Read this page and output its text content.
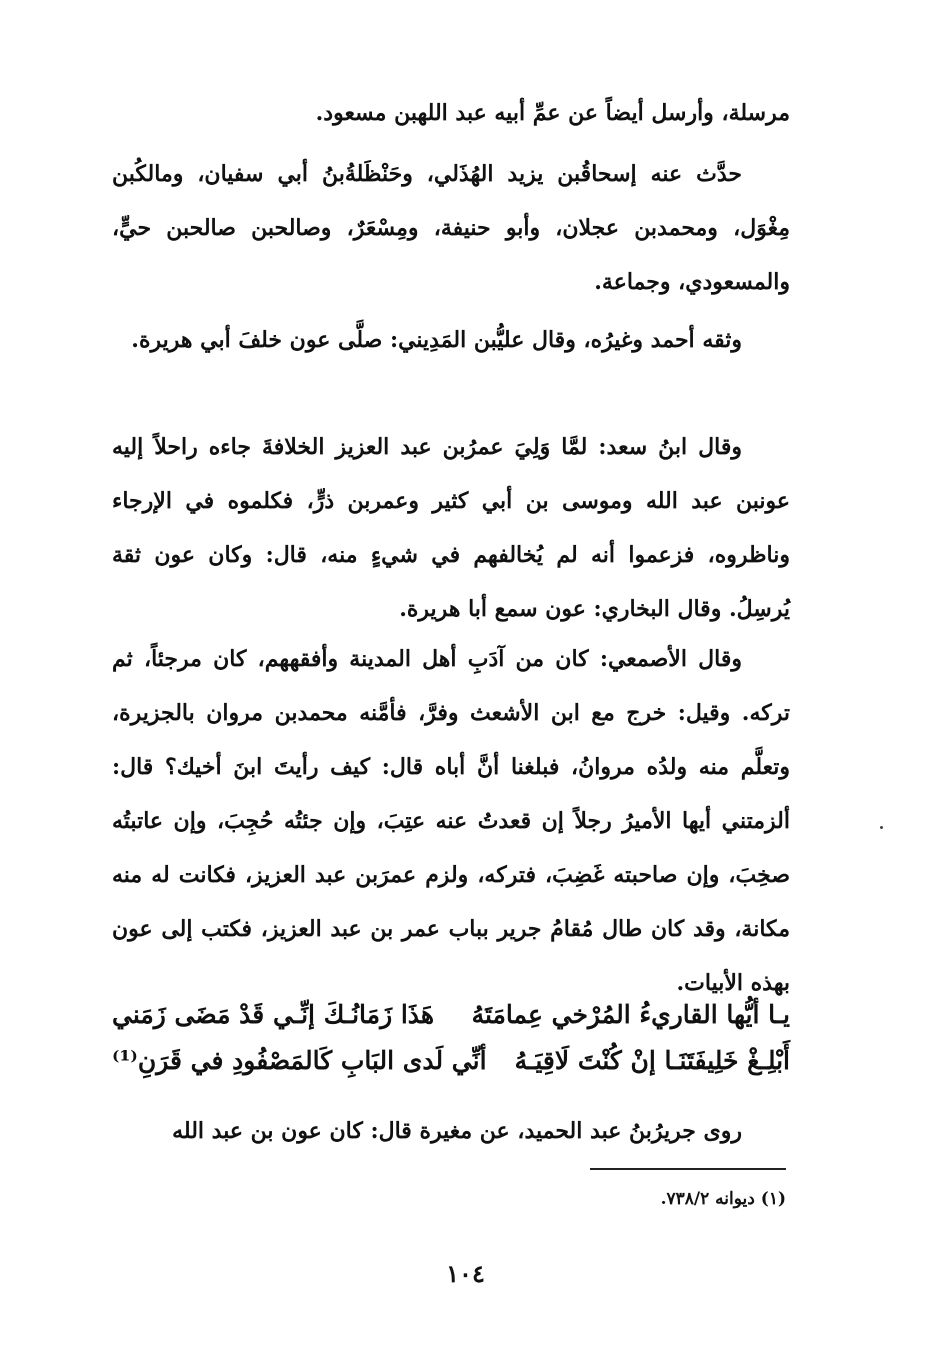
مرسلة، وأرسل أيضاً عن عمِّ أبيه عبد اللهبن مسعود.

حدَّث عنه إسحاقُبن يزيد الهُذَلي، وحَنْظَلةُبنُ أبي سفيان، ومالكُبن مِغْوَل، ومحمدبن عجلان، وأبو حنيفة، ومِسْعَرٌ، وصالحبن صالحبن حيٍّ، والمسعودي، وجماعة.

وثقه أحمد وغيرُه، وقال عليُّبن المَدِيني: صلَّى عون خلفَ أبي هريرة.

وقال ابنُ سعد: لمَّا وَلِيَ عمرُبن عبد العزيز الخلافةَ جاءه راحلاً إليه عونبن عبد الله وموسى بن أبي كثير وعمربن ذرٍّ، فكلموه في الإرجاء وناظروه، فزعموا أنه لم يُخالفهم في شيءٍ منه، قال: وكان عون ثقة يُرسِلُ. وقال البخاري: عون سمع أبا هريرة.

وقال الأصمعي: كان من آدَبِ أهل المدينة وأفقههم، كان مرجئاً، ثم تركه. وقيل: خرج مع ابن الأشعث وفرَّ، فأمَّنه محمدبن مروان بالجزيرة، وتعلَّم منه ولدُه مروانُ، فبلغنا أنَّ أباه قال: كيف رأيتَ ابنَ أخيك؟ قال: ألزمتني أيها الأميرُ رجلاً إن قعدتُ عنه عتِبَ، وإن جئتُه حُجِبَ، وإن عاتبتُه صخِبَ، وإن صاحبته غَضِبَ، فتركه، ولزم عمرَبن عبد العزيز، فكانت له منه مكانة، وقد كان طال مُقامُ جرير بباب عمر بن عبد العزيز، فكتب إلى عون بهذه الأبيات.

يـا أيُّها القاريءُ المُرْخي عِمامَتَهُ
هَذَا زَمَانُـكَ إنِّـي قَدْ مَضَى زَمَني
أَبْلِـغْ خَلِيفَتَنَـا إنْ كُنْتَ لَاقِيَـهُ
أنِّي لَدى البَابِ كَالمَصْفُودِ في قَرَنِ⁽¹⁾

روى جريرُبنُ عبد الحميد، عن مغيرة قال: كان عون بن عبد الله

(١) ديوانه ٧٣٨/٢.
١٠٤
